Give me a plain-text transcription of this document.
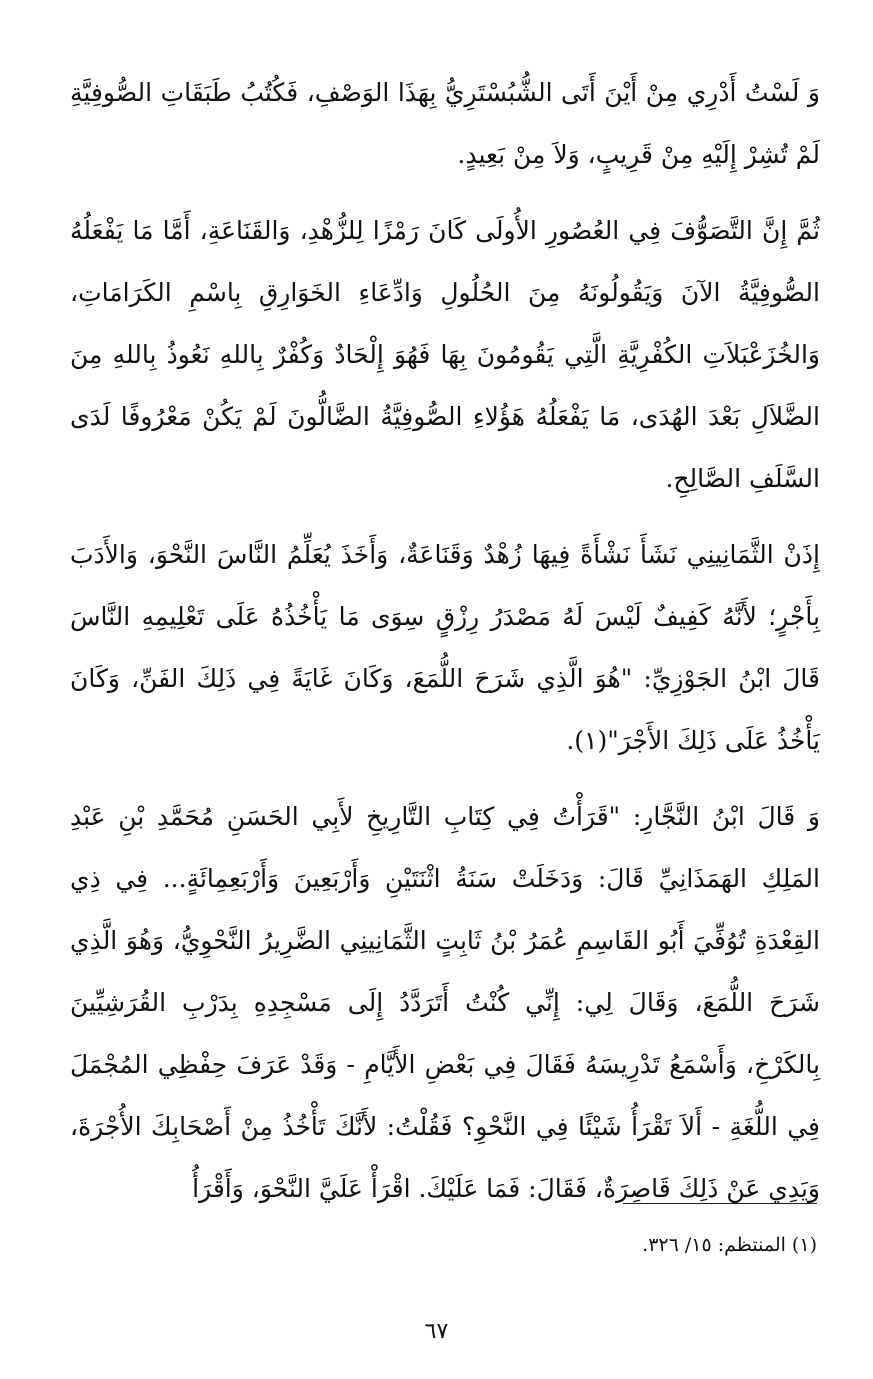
وَ لَسْتُ أَدْرِي مِنْ أَيْنَ أَتَى الشُّبُسْتَرِيُّ بِهَذَا الوَصْفِ، فَكُتُبُ طَبَقَاتِ الصُّوفِيَّةِ لَمْ تُشِرْ إِلَيْهِ مِنْ قَرِيبٍ، وَلاَ مِنْ بَعِيدٍ.

ثُمَّ إِنَّ التَّصَوُّفَ فِي العُصُورِ الأُولَى كَانَ رَمْزًا لِلزُّهْدِ، وَالقَنَاعَةِ، أَمَّا مَا يَفْعَلُهُ الصُّوفِيَّةُ الآنَ وَيَقُولُونَهُ مِنَ الحُلُولِ وَادِّعَاءِ الخَوَارِقِ بِاسْمِ الكَرَامَاتِ، وَالخُزَعْبَلاَتِ الكُفْرِيَّةِ الَّتِي يَقُومُونَ بِهَا فَهُوَ إِلْحَادٌ وَكُفْرٌ بِاللهِ نَعُوذُ بِاللهِ مِنَ الضَّلاَلِ بَعْدَ الهُدَى، مَا يَفْعَلُهُ هَؤُلاءِ الصُّوفِيَّةُ الضَّالُّونَ لَمْ يَكُنْ مَعْرُوفًا لَدَى السَّلَفِ الصَّالِحِ.

إِذَنْ الثَّمَانِينِي نَشَأَ نَشْأَةً فِيهَا زُهْدٌ وَقَنَاعَةٌ، وَأَخَذَ يُعَلِّمُ النَّاسَ النَّحْوَ، وَالأَدَبَ بِأَجْرٍ؛ لأَنَّهُ كَفِيفٌ لَيْسَ لَهُ مَصْدَرُ رِزْقٍ سِوَى مَا يَأْخُذُهُ عَلَى تَعْلِيمِهِ النَّاسَ قَالَ ابْنُ الجَوْزِيِّ: "هُوَ الَّذِي شَرَحَ اللُّمَعَ، وَكَانَ غَايَةً فِي ذَلِكَ الفَنِّ، وَكَانَ يَأْخُذُ عَلَى ذَلِكَ الأَجْرَ"(١).

وَ قَالَ ابْنُ النَّجَّارِ: "قَرَأْتُ فِي كِتَابِ التَّارِيخِ لأَبِي الحَسَنِ مُحَمَّدِ بْنِ عَبْدِ المَلِكِ الهَمَذَانِيِّ قَالَ: وَدَخَلَتْ سَنَةُ اثْنَتَيْنِ وَأَرْبَعِينَ وَأَرْبَعِمِائَةٍ... فِي ذِي القِعْدَةِ تُوُفِّيَ أَبُو القَاسِمِ عُمَرُ بْنُ ثَابِتٍ الثَّمَانِينِي الضَّرِيرُ النَّحْوِيُّ، وَهُوَ الَّذِي شَرَحَ اللُّمَعَ، وَقَالَ لِي: إِنِّي كُنْتُ أَتَرَدَّدُ إِلَى مَسْجِدِهِ بِدَرْبِ القُرَشِيِّينَ بِالكَرْخِ، وَأَسْمَعُ تَدْرِيسَهُ فَقَالَ فِي بَعْضِ الأَيَّامِ - وَقَدْ عَرَفَ حِفْظِي المُجْمَلَ فِي اللُّغَةِ - أَلاَ تَقْرَأُ شَيْئًا فِي النَّحْوِ؟ فَقُلْتُ: لأَنَّكَ تَأْخُذُ مِنْ أَصْحَابِكَ الأُجْرَةَ، وَيَدِي عَنْ ذَلِكَ قَاصِرَةٌ، فَقَالَ: فَمَا عَلَيْكَ. اقْرَأْ عَلَيَّ النَّحْوَ، وَأَقْرَأُ

(١) المنتظم: ١٥/ ٣٢٦.
٦٧
